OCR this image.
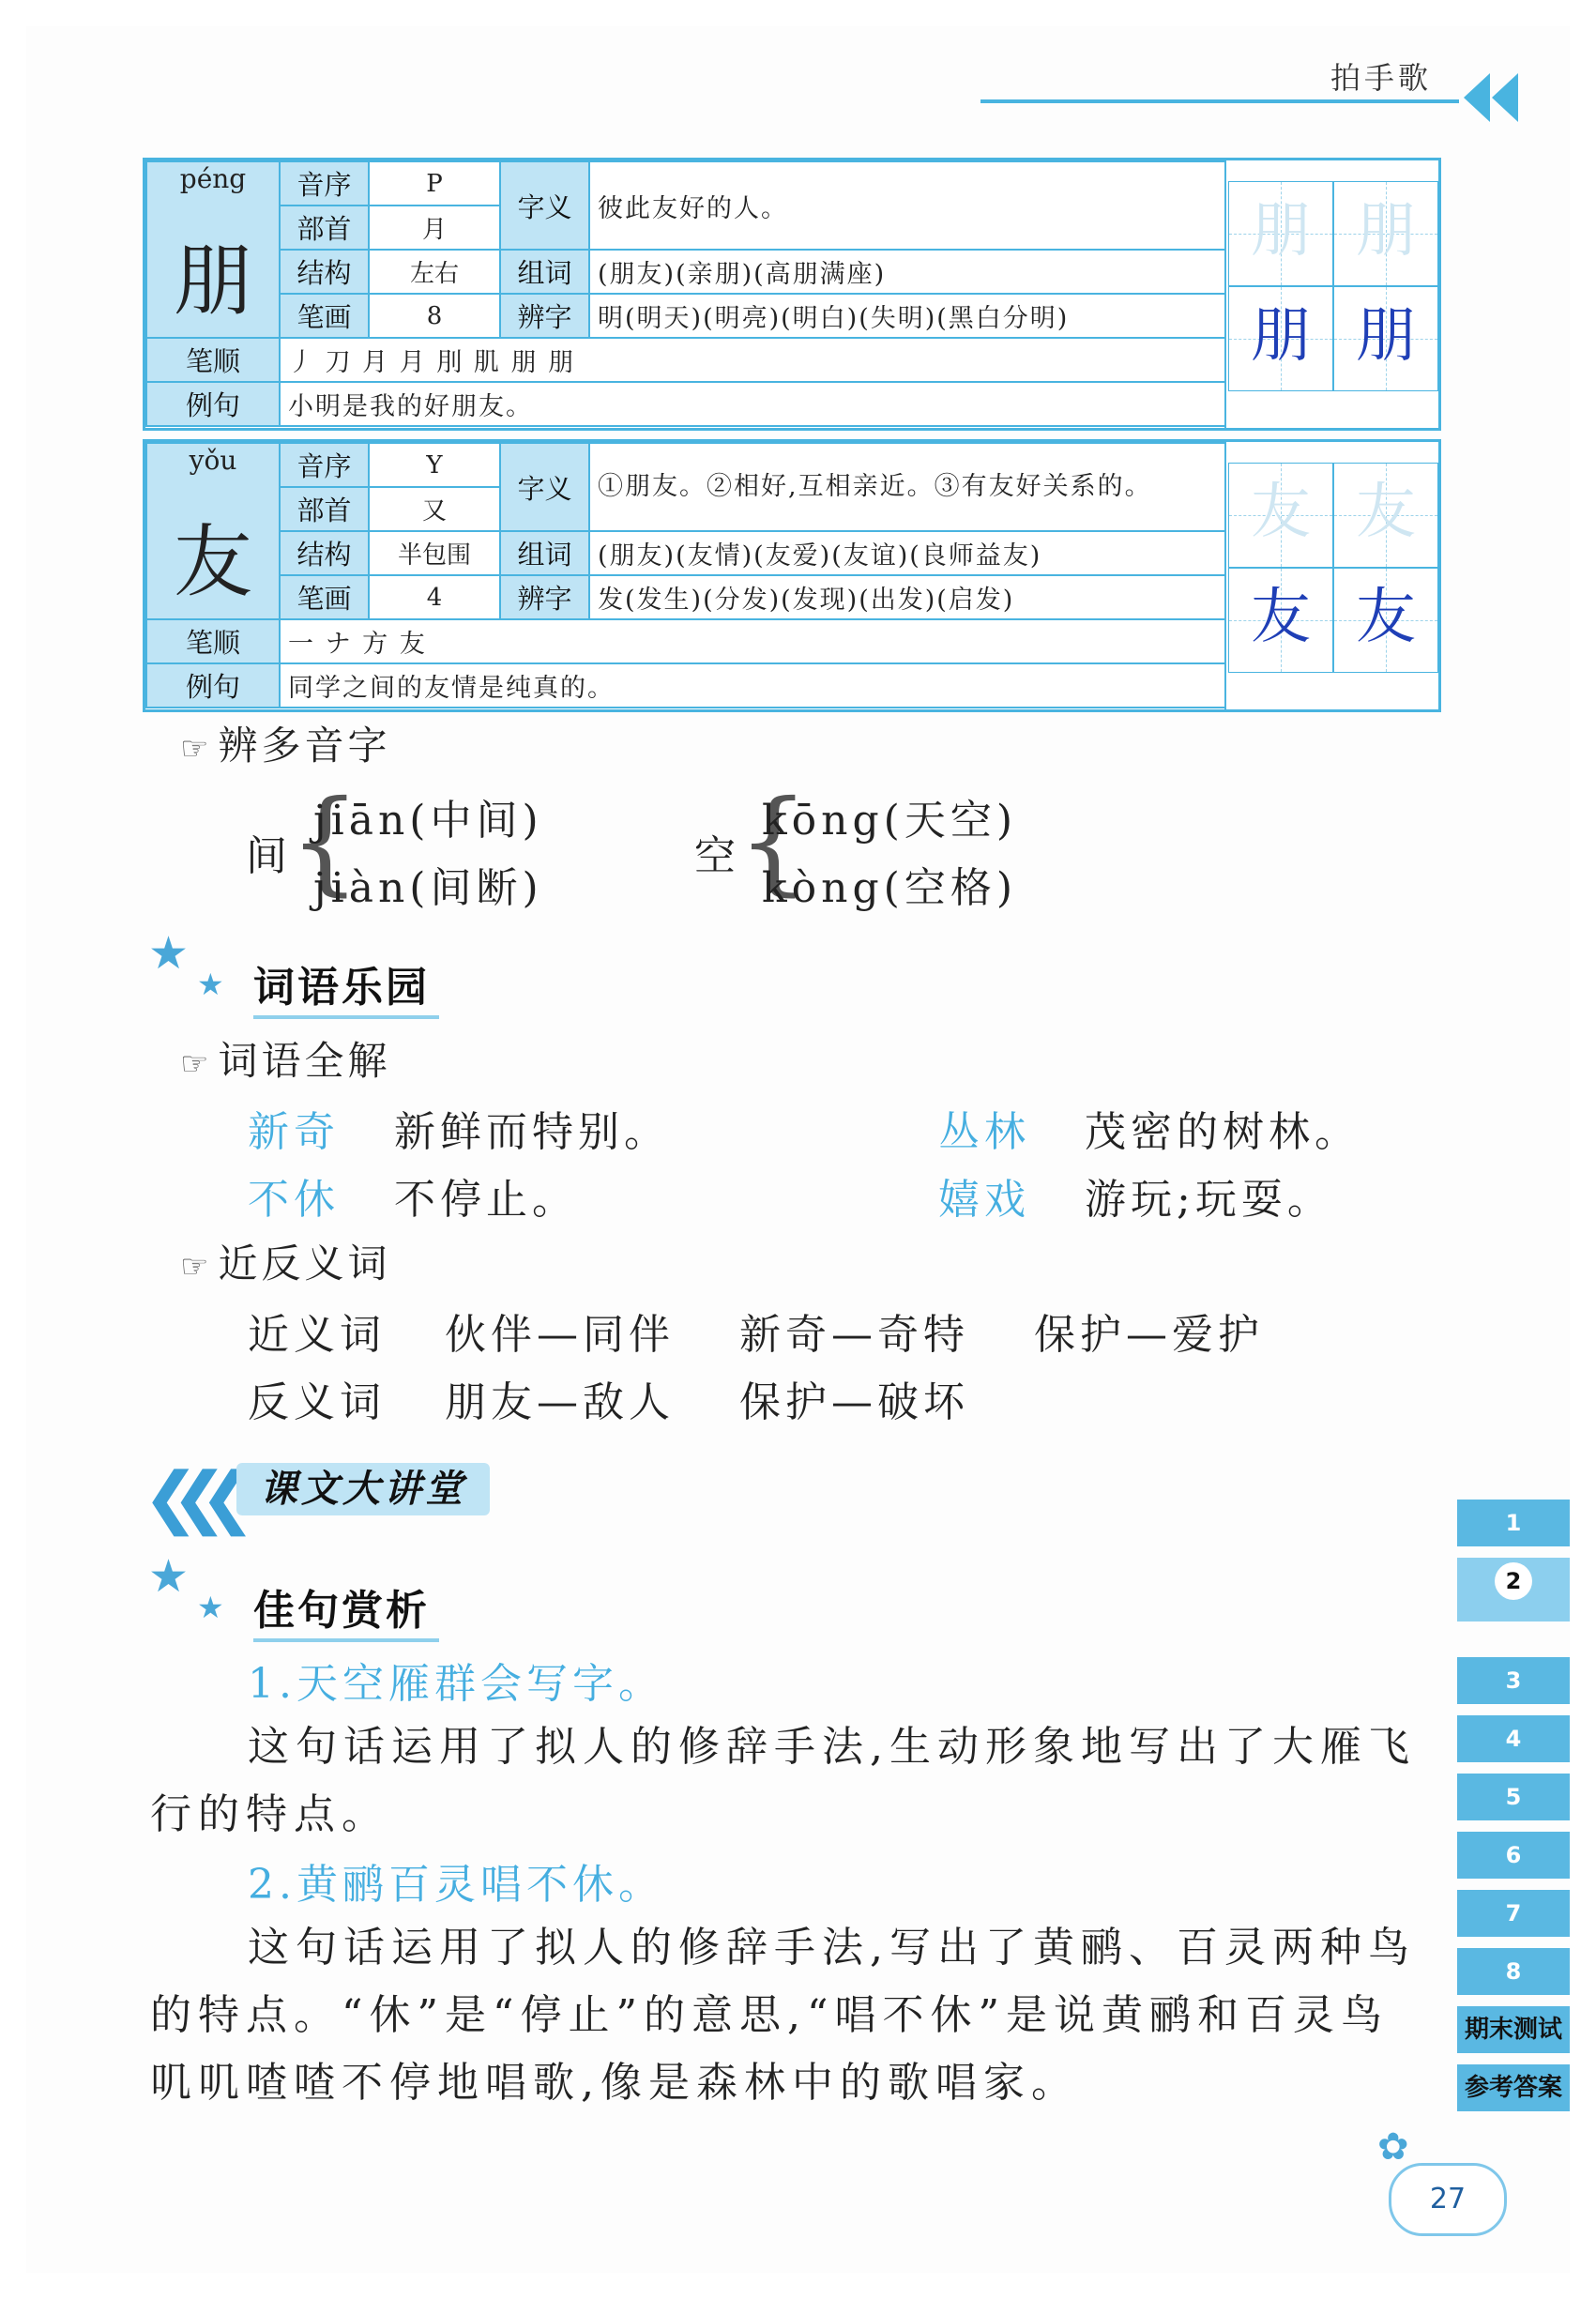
拍手歌
péng
朋	音序	P	字义	彼此友好的人。
	部首	月		
	结构	左右	组词	(朋友)(亲朋)(高朋满座)
	笔画	8	辨字	明(明天)(明亮)(明白)(失明)(黑白分明)
笔顺	丿 刀 月 月 刖 肌 朋 朋			
例句	小明是我的好朋友。			
朋 朋
朋 朋
yǒu
友	音序	Y	字义	①朋友。②相好,互相亲近。③有友好关系的。
	部首	又		
	结构	半包围	组词	(朋友)(友情)(友爱)(友谊)(良师益友)
	笔画	4	辨字	发(发生)(分发)(发现)(出发)(启发)
笔顺	一 ナ 方 友			
例句	同学之间的友情是纯真的。			
友 友
友 友
☞ 辨多音字
间
{
jiān(中间)
jiàn(间断)
空
{
kōng(天空)
kòng(空格)
★
★ 词语乐园
☞ 词语全解
新奇 新鲜而特别。	丛林 茂密的树林。
不休 不停止。	嬉戏 游玩;玩耍。
☞ 近反义词
近义词 伙伴—同伴 新奇—奇特 保护—爱护
反义词 朋友—敌人 保护—破坏
❮❮❮ 课文大讲堂
★
★ 佳句赏析
1.天空雁群会写字。
这句话运用了拟人的修辞手法,生动形象地写出了大雁飞行的特点。
2.黄鹂百灵唱不休。
这句话运用了拟人的修辞手法,写出了黄鹂、百灵两种鸟的特点。“休”是“停止”的意思,“唱不休”是说黄鹂和百灵鸟叽叽喳喳不停地唱歌,像是森林中的歌唱家。
1
2
3
4
5
6
7
8
期末测试
参考答案
✿
27
